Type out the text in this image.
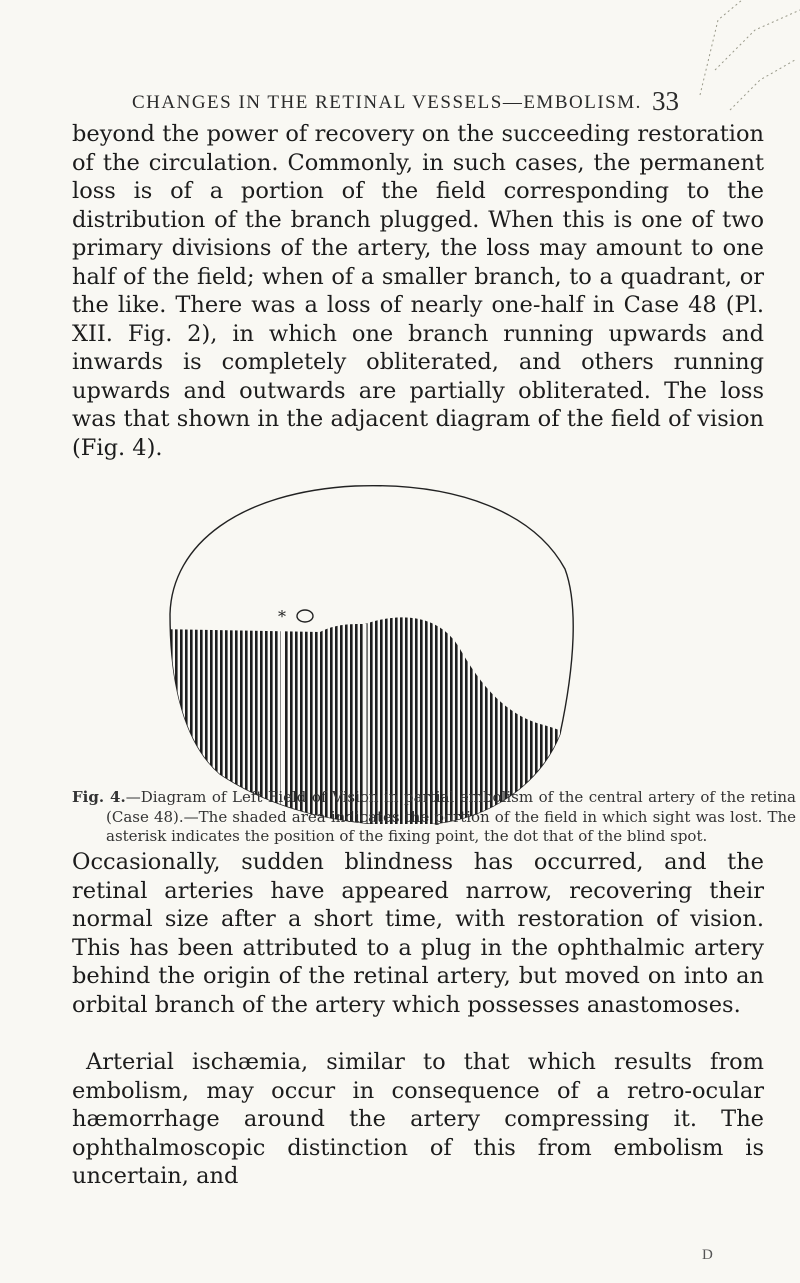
CHANGES IN THE RETINAL VESSELS—EMBOLISM. 33

beyond the power of recovery on the succeeding restoration of the circulation. Commonly, in such cases, the permanent loss is of a portion of the field corresponding to the distribution of the branch plugged. When this is one of two primary divisions of the artery, the loss may amount to one half of the field; when of a smaller branch, to a quadrant, or the like. There was a loss of nearly one-half in Case 48 (Pl. XII. Fig. 2), in which one branch running upwards and inwards is completely obliterated, and others running upwards and outwards are partially obliterated. The loss was that shown in the adjacent diagram of the field of vision (Fig. 4).

*

Fig. 4.—Diagram of Left Field of Vision in partial embolism of the central artery of the retina (Case 48).—The shaded area indicates the portion of the field in which sight was lost. The asterisk indicates the position of the fixing point, the dot that of the blind spot.

Occasionally, sudden blindness has occurred, and the retinal arteries have appeared narrow, recovering their normal size after a short time, with restoration of vision. This has been attributed to a plug in the ophthalmic artery behind the origin of the retinal artery, but moved on into an orbital branch of the artery which possesses anastomoses.

Arterial ischæmia, similar to that which results from embolism, may occur in consequence of a retro-ocular hæmorrhage around the artery compressing it. The ophthalmoscopic distinction of this from embolism is uncertain, and

D
